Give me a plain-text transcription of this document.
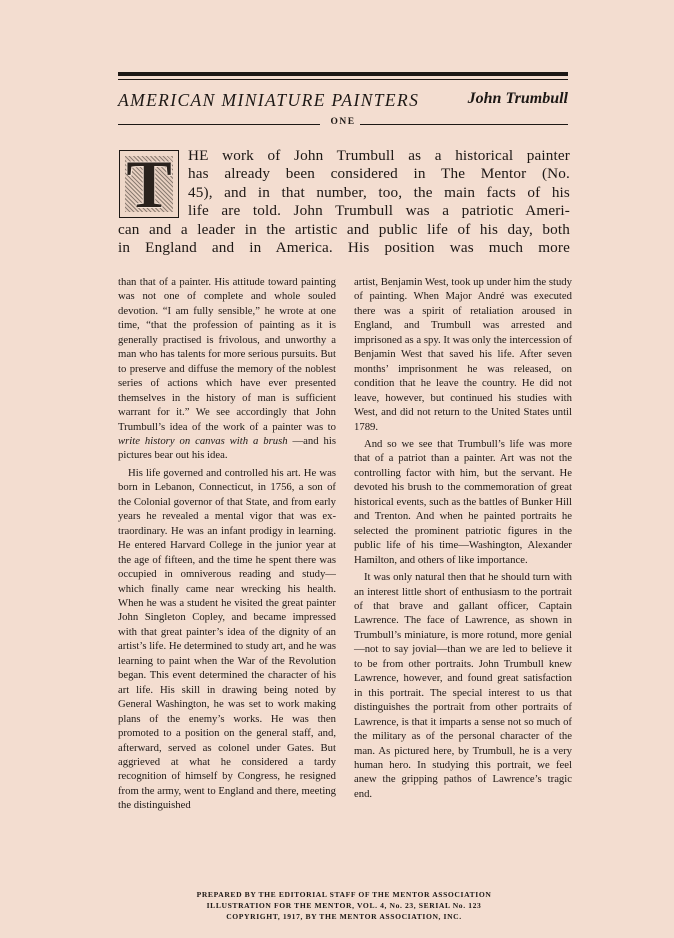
AMERICAN MINIATURE PAINTERS	John Trumbull
ONE
T	HE work of John Trumbull as a historical painter
has already been considered in The Mentor (No.
45), and in that number, too, the main facts of his
life are told. John Trumbull was a patriotic Ameri-
can and a leader in the artistic and public life of his day, both
in England and in America. His position was much more

than that of a painter. His attitude toward painting was not one of complete and whole souled devotion. “I am fully sensible,” he wrote at one time, “that the profession of painting as it is generally practised is frivolous, and unworthy a man who has talents for more serious pursuits. But to preserve and diffuse the memory of the noblest series of actions which have ever presented themselves in the history of man is sufficient warrant for it.” We see accordingly that John Trumbull’s idea of the work of a painter was to write history on canvas with a brush —and his pictures bear out his idea.

His life governed and controlled his art. He was born in Lebanon, Connecticut, in 1756, a son of the Colonial governor of that State, and from early years he revealed a mental vigor that was extraordinary. He was an infant prodigy in learning. He entered Harvard College in the junior year at the age of fifteen, and the time he spent there was occupied in omniverous reading and study—which finally came near wrecking his health. When he was a student he visited the great painter John Singleton Copley, and became impressed with that great painter’s idea of the dignity of an artist’s life. He determined to study art, and he was learning to paint when the War of the Revolution began. This event determined the character of his art life. His skill in drawing being noted by General Washington, he was set to work making plans of the enemy’s works. He was then promoted to a position on the general staff, and, afterward, served as colonel under Gates. But aggrieved at what he considered a tardy recognition of himself by Congress, he resigned from the army, went to England and there, meeting the distinguished

artist, Benjamin West, took up under him the study of painting. When Major André was executed there was a spirit of retaliation aroused in England, and Trumbull was arrested and imprisoned as a spy. It was only the intercession of Benjamin West that saved his life. After seven months’ imprisonment he was released, on condition that he leave the country. He did not leave, however, but continued his studies with West, and did not return to the United States until 1789.

And so we see that Trumbull’s life was more that of a patriot than a painter. Art was not the controlling factor with him, but the servant. He devoted his brush to the commemoration of great historical events, such as the battles of Bunker Hill and Trenton. And when he painted portraits he selected the prominent patriotic figures in the public life of his time—Washington, Alexander Hamilton, and others of like importance.

It was only natural then that he should turn with an interest little short of enthusiasm to the portrait of that brave and gallant officer, Captain Lawrence. The face of Lawrence, as shown in Trumbull’s miniature, is more rotund, more genial—not to say jovial—than we are led to believe it to be from other portraits. John Trumbull knew Lawrence, however, and found great satisfaction in this portrait. The special interest to us that distinguishes the portrait from other portraits of Lawrence, is that it imparts a sense not so much of the military as of the personal character of the man. As pictured here, by Trumbull, he is a very human hero. In studying this portrait, we feel anew the gripping pathos of Lawrence’s tragic end.

PREPARED BY THE EDITORIAL STAFF OF THE MENTOR ASSOCIATION
ILLUSTRATION FOR THE MENTOR, VOL. 4, No. 23, SERIAL No. 123
COPYRIGHT, 1917, BY THE MENTOR ASSOCIATION, INC.
